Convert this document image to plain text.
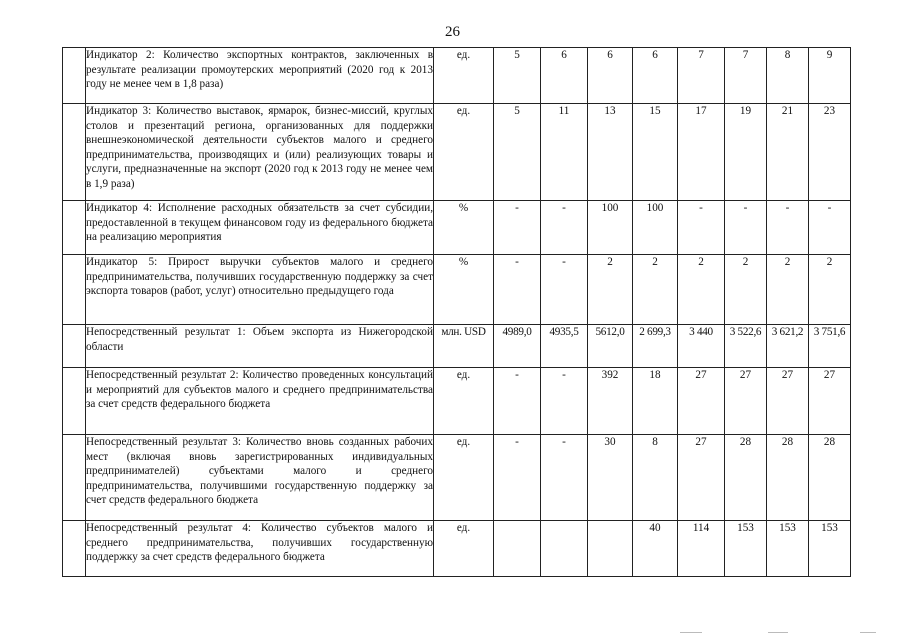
26
	Индикатор 2: Количество экспортных контрактов, заключенных в результате реализации промоутерских мероприятий (2020 год к 2013 году не менее чем в 1,8 раза)	ед.	5	6	6	6	7	7	8	9
	Индикатор 3: Количество выставок, ярмарок, бизнес-миссий, круглых столов и презентаций региона, организованных для поддержки внешнеэкономической деятельности субъектов малого и среднего предпринимательства, производящих и (или) реализующих товары и услуги, предназначенные на экспорт (2020 год к 2013 году не менее чем в 1,9 раза)	ед.	5	11	13	15	17	19	21	23
	Индикатор 4: Исполнение расходных обязательств за счет субсидии, предоставленной в текущем финансовом году из федерального бюджета на реализацию мероприятия	%	-	-	100	100	-	-	-	-
	Индикатор 5: Прирост выручки субъектов малого и среднего предпринимательства, получивших государственную поддержку за счет экспорта товаров (работ, услуг) относительно предыдущего года	%	-	-	2	2	2	2	2	2
	Непосредственный результат 1: Объем экспорта из Нижегородской области	млн. USD	4989,0	4935,5	5612,0	2 699,3	3 440	3 522,6	3 621,2	3 751,6
	Непосредственный результат 2: Количество проведенных консультаций и мероприятий для субъектов малого и среднего предпринимательства за счет средств федерального бюджета	ед.	-	-	392	18	27	27	27	27
	Непосредственный результат 3: Количество вновь созданных рабочих мест (включая вновь зарегистрированных индивидуальных предпринимателей) субъектами малого и среднего предпринимательства, получившими государственную поддержку за счет средств федерального бюджета	ед.	-	-	30	8	27	28	28	28
	Непосредственный результат 4: Количество субъектов малого и среднего предпринимательства, получивших государственную поддержку за счет средств федерального бюджета	ед.				40	114	153	153	153
